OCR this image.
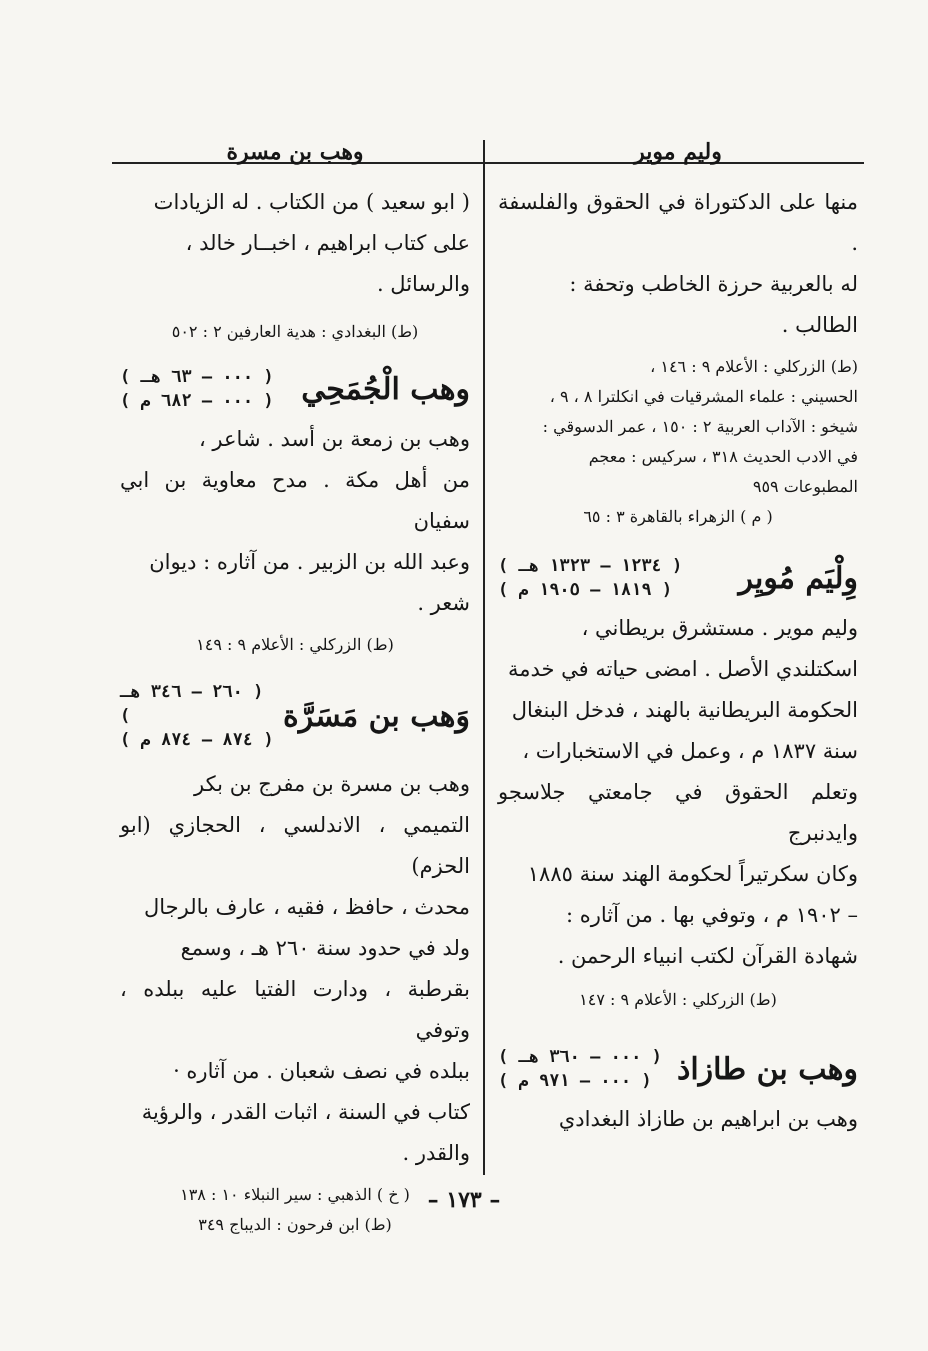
وليم موير
منها على الدكتوراة في الحقوق والفلسفة .
له بالعربية حرزة الخاطب وتحفة :
الطالب .
(ط) الزركلي : الأعلام ٩ : ١٤٦ ،
الحسيني : علماء المشرقيات في انكلترا ٨ ، ٩ ،
شيخو : الآداب العربية ٢ : ١٥٠ ، عمر الدسوقي :
في الادب الحديث ٣١٨ ، سركيس : معجم
المطبوعات ٩٥٩
( م ) الزهراء بالقاهرة ٣ : ٦٥
وِلْيَم مُويِر
( ١٢٣٤ – ١٣٢٣ هـ )
( ١٨١٩ – ١٩٠٥ م )
وليم موير . مستشرق بريطاني ،
اسكتلندي الأصل . امضى حياته في خدمة
الحكومة البريطانية بالهند ، فدخل البنغال
سنة ١٨٣٧ م ، وعمل في الاستخبارات ،
وتعلم الحقوق في جامعتي جلاسجو وايدنبرج
وكان سكرتيراً لحكومة الهند سنة ١٨٨٥
– ١٩٠٢ م ، وتوفي بها . من آثاره :
شهادة القرآن لكتب انبياء الرحمن .
(ط) الزركلي : الأعلام ٩ : ١٤٧
وهب بن طازاذ
( ٠٠٠ – ٣٦٠ هـ )
( ٠٠٠ – ٩٧١ م )
وهب بن ابراهيم بن طازاذ البغدادي
وهب بن مسرة
( ابو سعيد ) من الكتاب . له الزيادات
على كتاب ابراهيم ، اخبــار خالد ،
والرسائل .
(ط) البغدادي : هدية العارفين ٢ : ٥٠٢
وهب الْجُمَحِي
( ٠٠٠ – ٦٣ هـ )
( ٠٠٠ – ٦٨٢ م )
وهب بن زمعة بن أسد . شاعر ،
من أهل مكة . مدح معاوية بن ابي سفيان
وعبد الله بن الزبير . من آثاره : ديوان
شعر .
(ط) الزركلي : الأعلام ٩ : ١٤٩
وَهب بن مَسَرَّة
( ٢٦٠ – ٣٤٦ هـ )
( ٨٧٤ – ٨٧٤ م )
وهب بن مسرة بن مفرج بن بكر
التميمي ، الاندلسي ، الحجازي (ابو الحزم)
محدث ، حافظ ، فقيه ، عارف بالرجال
ولد في حدود سنة ٢٦٠ هـ ، وسمع
بقرطبة ، ودارت الفتيا عليه ببلده ، وتوفي
ببلده في نصف شعبان . من آثاره ·
كتاب في السنة ، اثبات القدر ، والرؤية
والقدر .
( خ ) الذهبي : سير النبلاء ١٠ : ١٣٨
(ط) ابن فرحون : الديباج ٣٤٩
– ١٧٣ –
